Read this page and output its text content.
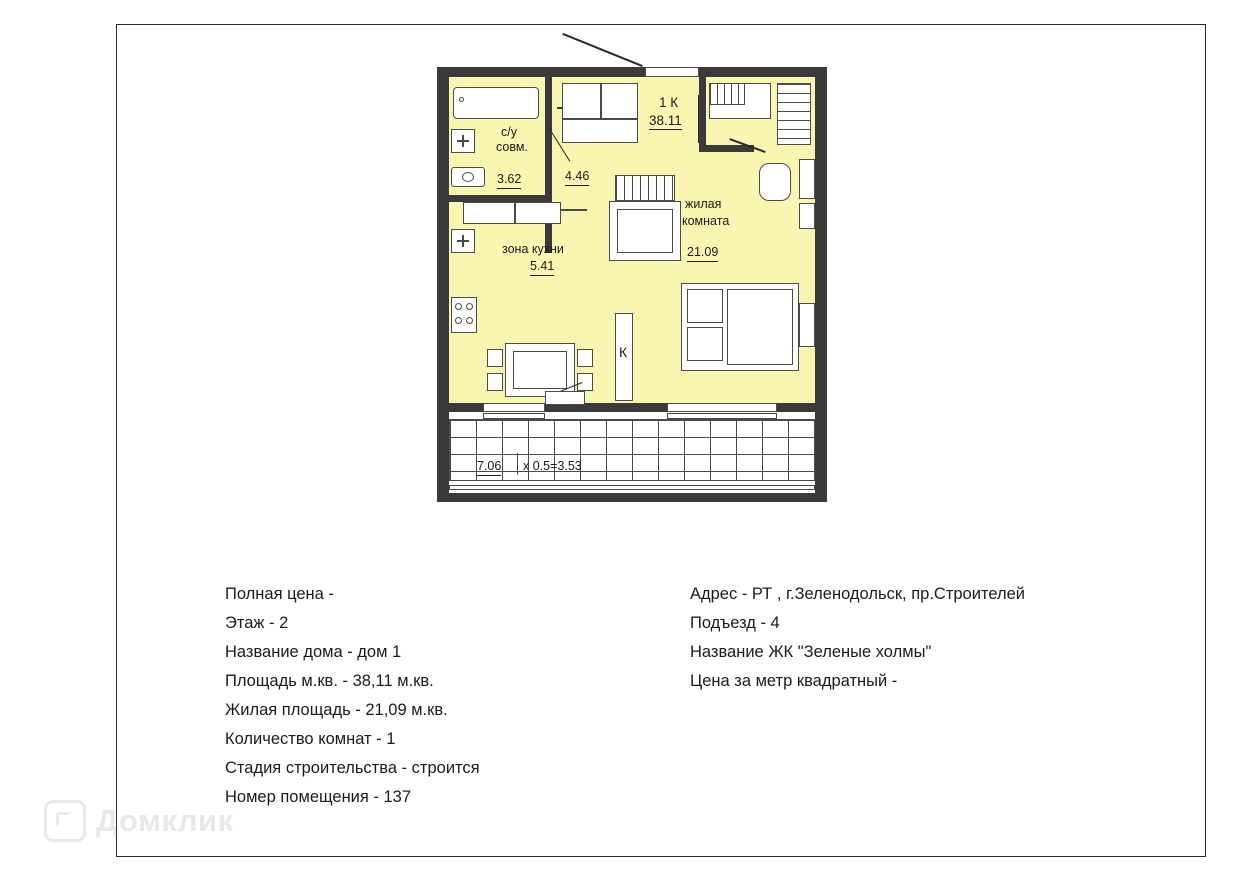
К
1 К
38.11
с/у
совм.
3.62	4.46
зона кухни
5.41
жилая
комната
21.09
7.06 х 0.5=3.53
Полная цена -
Этаж - 2
Название дома - дом 1
Площадь м.кв. - 38,11 м.кв.
Жилая площадь - 21,09 м.кв.
Количество комнат - 1
Стадия строительства - строится
Номер помещения - 137
Адрес - РТ , г.Зеленодольск, пр.Строителей
Подъезд - 4
Название ЖК "Зеленые холмы"
Цена за метр квадратный -
Домклик
